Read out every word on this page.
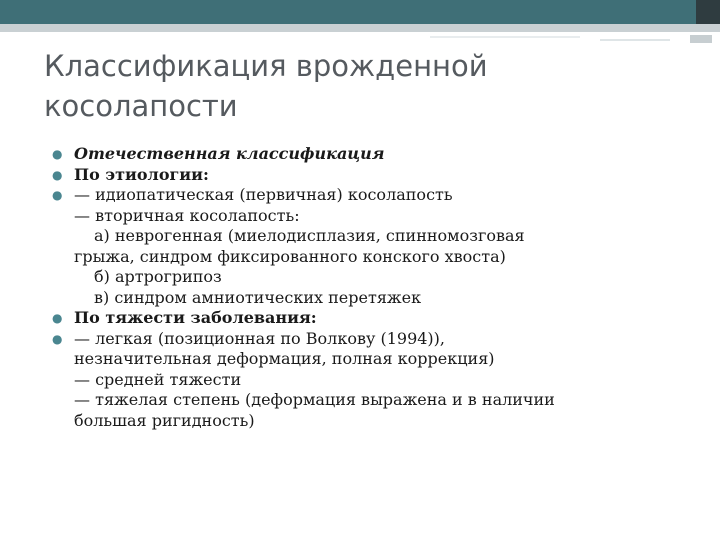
Классификация врожденной
косолапости
● Отечественная классификация
● По этиологии:
● — идиопатическая (первичная) косолапость
— вторичная косолапость:
а) неврогенная (миелодисплазия, спинномозговая
грыжа, синдром фиксированного конского хвоста)
б) артрогрипоз
в) синдром амниотических перетяжек
● По тяжести заболевания:
● — легкая (позиционная по Волкову (1994)),
незначительная деформация, полная коррекция)
— средней тяжести
— тяжелая степень (деформация выражена и в наличии
большая ригидность)
